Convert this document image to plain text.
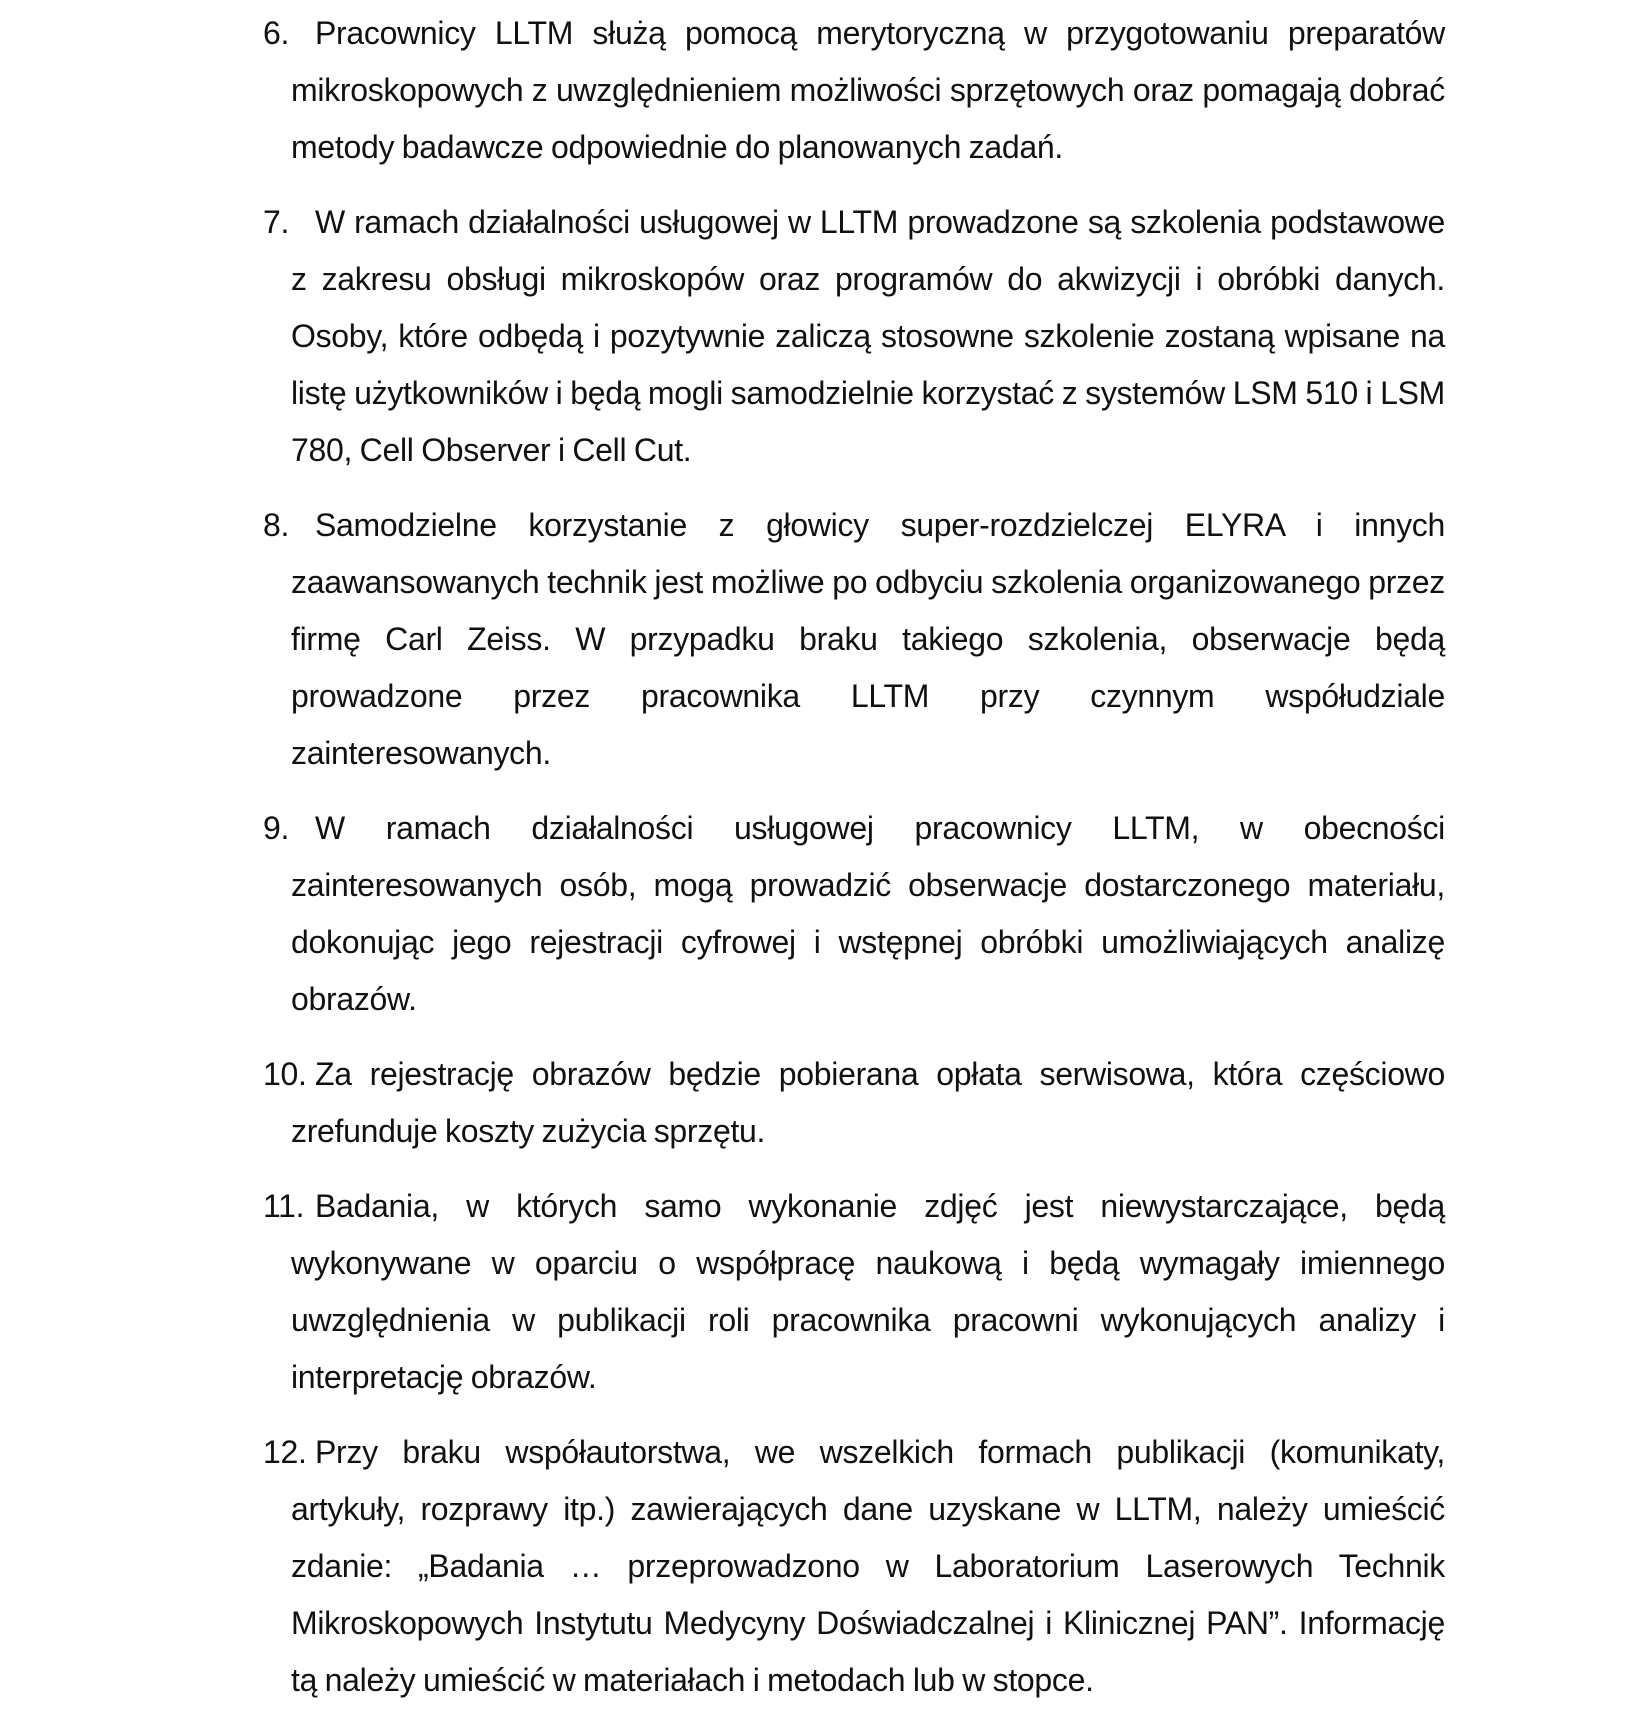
6. Pracownicy LLTM służą pomocą merytoryczną w przygotowaniu preparatów mikroskopowych z uwzględnieniem możliwości sprzętowych oraz pomagają dobrać metody badawcze odpowiednie do planowanych zadań.
7. W ramach działalności usługowej w LLTM prowadzone są szkolenia podstawowe z zakresu obsługi mikroskopów oraz programów do akwizycji i obróbki danych. Osoby, które odbędą i pozytywnie zaliczą stosowne szkolenie zostaną wpisane na listę użytkowników i będą mogli samodzielnie korzystać z systemów LSM 510 i LSM 780, Cell Observer i Cell Cut.
8. Samodzielne korzystanie z głowicy super-rozdzielczej ELYRA i innych zaawansowanych technik jest możliwe po odbyciu szkolenia organizowanego przez firmę Carl Zeiss. W przypadku braku takiego szkolenia, obserwacje będą prowadzone przez pracownika LLTM przy czynnym współudziale zainteresowanych.
9. W ramach działalności usługowej pracownicy LLTM, w obecności zainteresowanych osób, mogą prowadzić obserwacje dostarczonego materiału, dokonując jego rejestracji cyfrowej i wstępnej obróbki umożliwiających analizę obrazów.
10. Za rejestrację obrazów będzie pobierana opłata serwisowa, która częściowo zrefunduje koszty zużycia sprzętu.
11. Badania, w których samo wykonanie zdjęć jest niewystarczające, będą wykonywane w oparciu o współpracę naukową i będą wymagały imiennego uwzględnienia w publikacji roli pracownika pracowni wykonujących analizy i interpretację obrazów.
12. Przy braku współautorstwa, we wszelkich formach publikacji (komunikaty, artykuły, rozprawy itp.) zawierających dane uzyskane w LLTM, należy umieścić zdanie: „Badania … przeprowadzono w Laboratorium Laserowych Technik Mikroskopowych Instytutu Medycyny Doświadczalnej i Klinicznej PAN”. Informację tą należy umieścić w materiałach i metodach lub w stopce.
